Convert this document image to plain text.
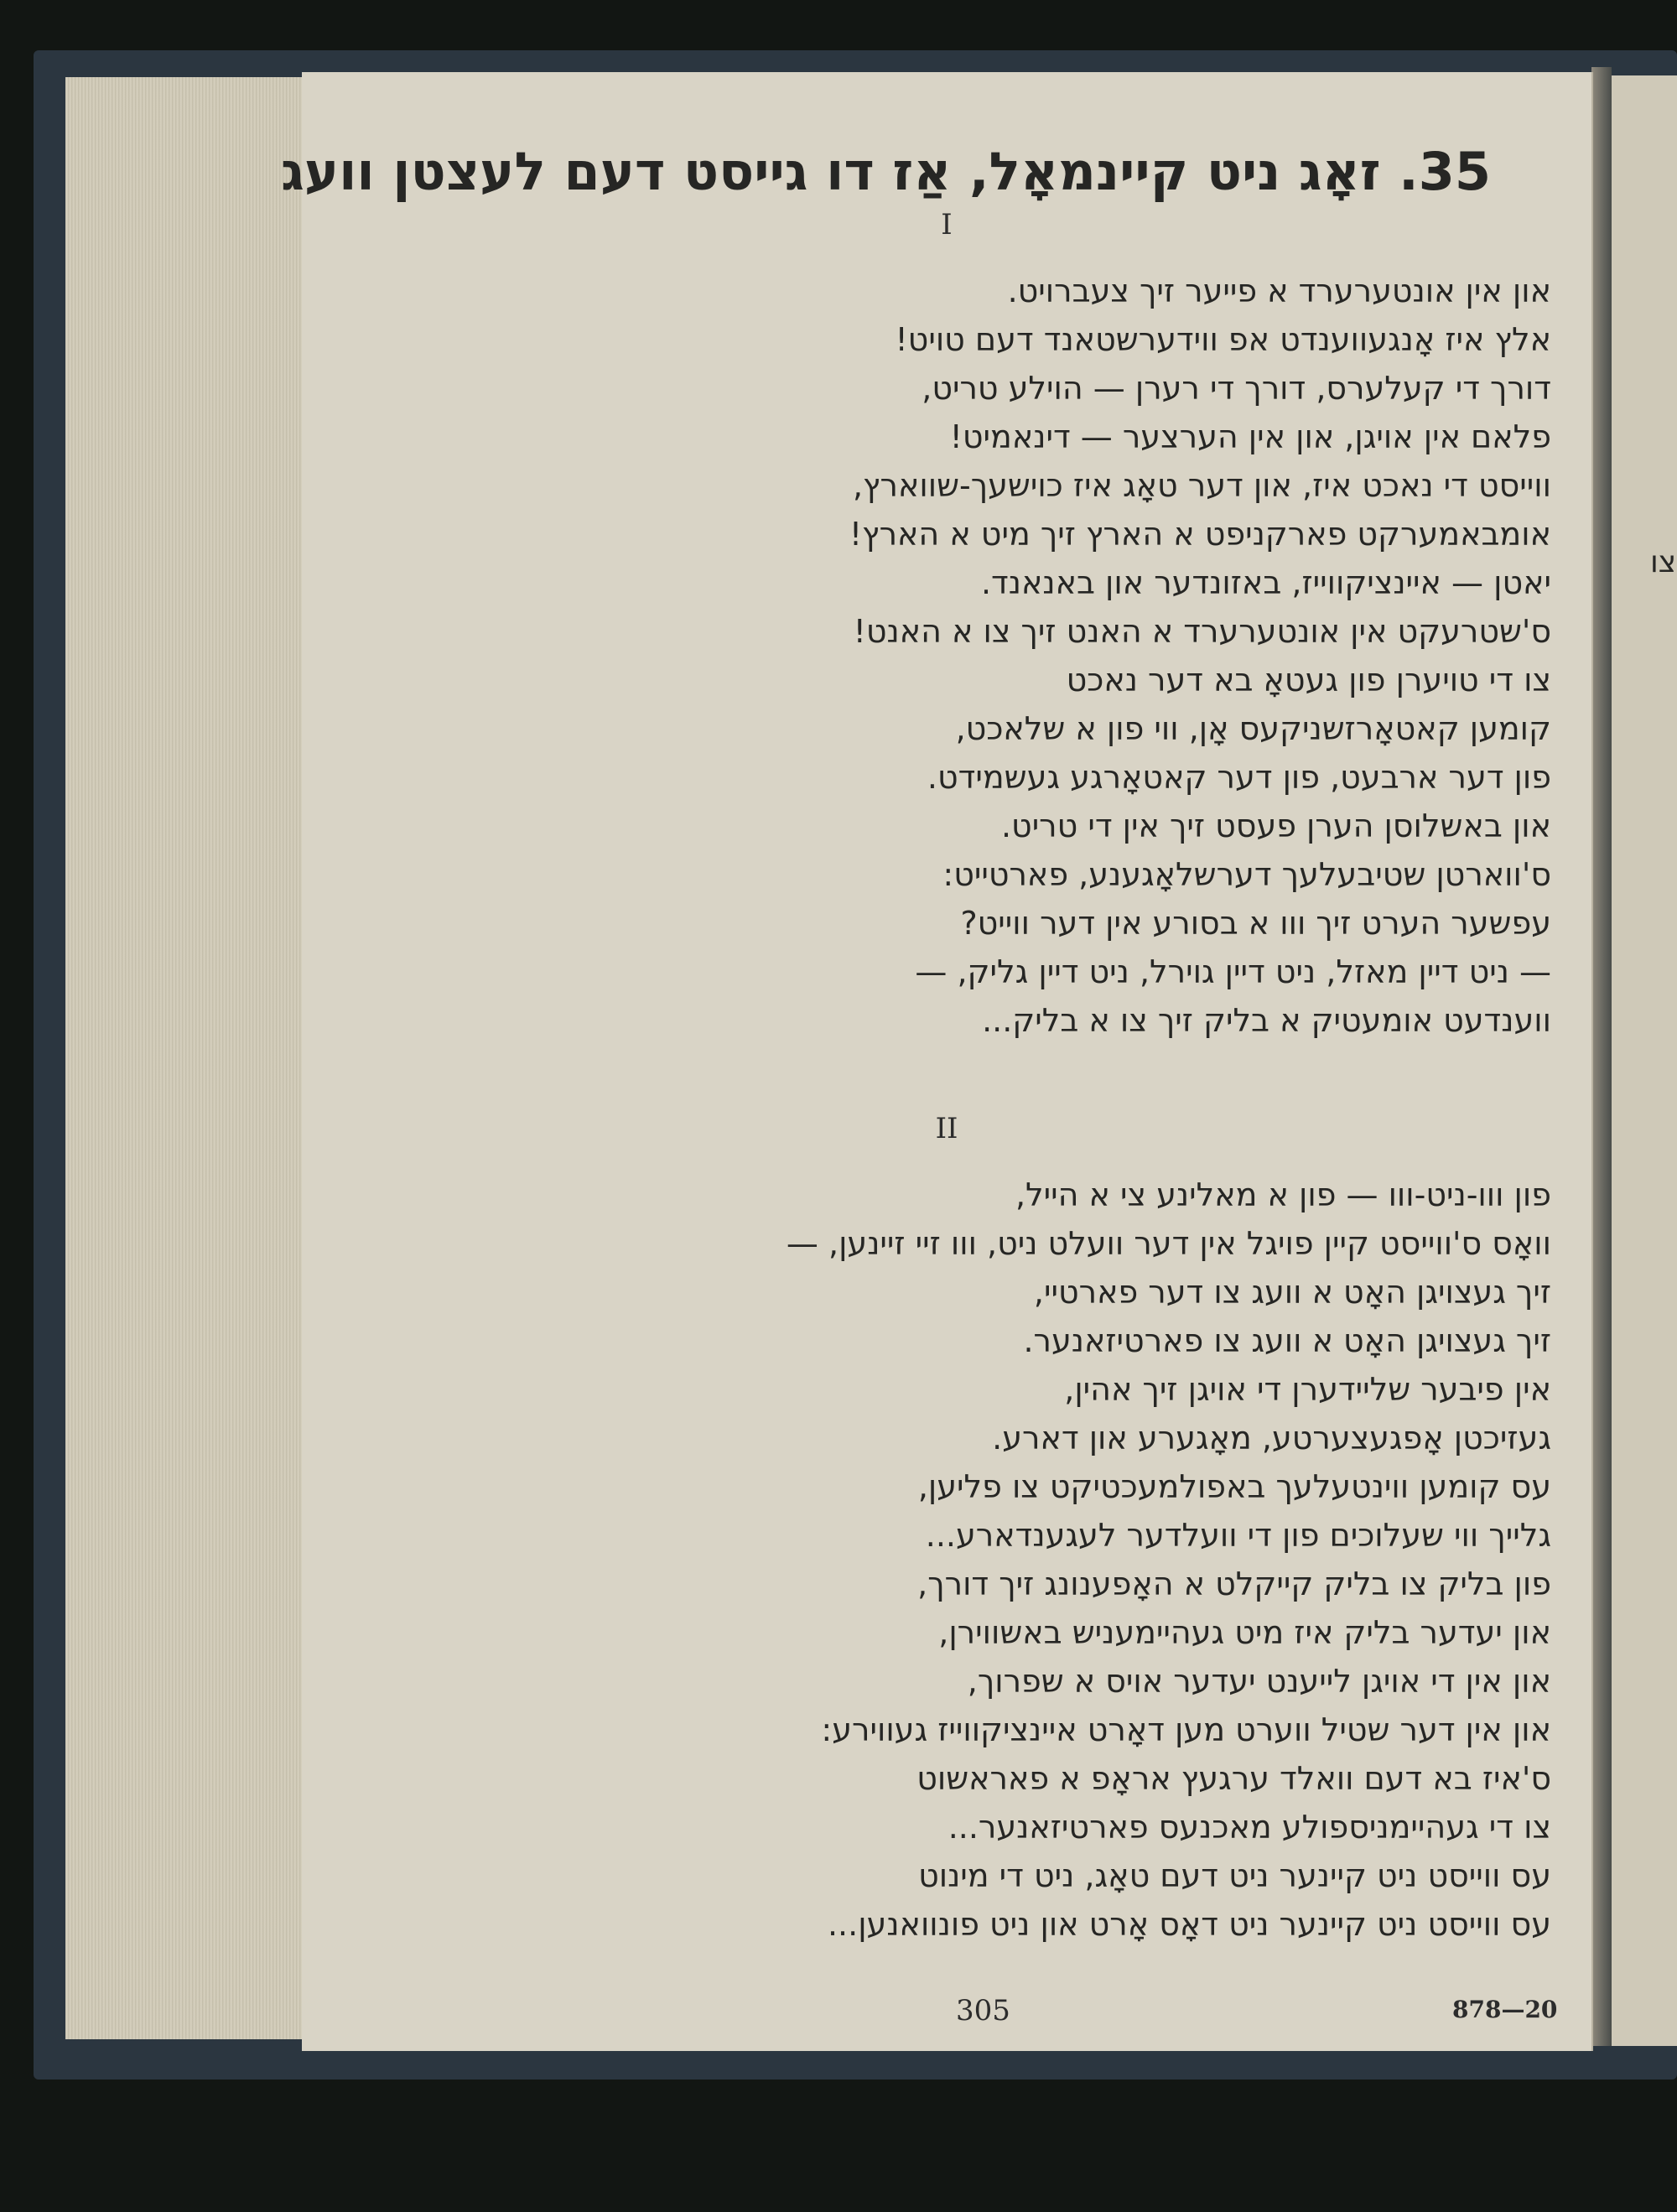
צו
35. זאָג ניט קיינמאָל, אַז דו גייסט דעם לעצטן וועג
I
און אין אונטערערד א פייער זיך צעברויט.
אלץ איז אָנגעווענדט אפ ווידערשטאנד דעם טויט!
דורך די קעלערס, דורך די רערן — הוילע טריט,
פלאם אין אויגן, און אין הערצער — דינאמיט!
ווייסט די נאכט איז, און דער טאָג איז כוישעך-שווארץ,
אומבאמערקט פארקניפט א הארץ זיך מיט א הארץ!
יאטן — איינציקווייז, באזונדער און באנאנד.
ס'שטרעקט אין אונטערערד א האנט זיך צו א האנט!
צו די טויערן פון געטאָ בא דער נאכט
קומען קאטאָרזשניקעס אָן, ווי פון א שלאכט,
פון דער ארבעט, פון דער קאטאָרגע געשמידט.
און באשלוסן הערן פעסט זיך אין די טריט.
ס'ווארטן שטיבעלעך דערשלאָגענע, פארטייט:
עפשער הערט זיך ווו א בסורע אין דער ווייט?
— ניט דיין מאזל, ניט דיין גוירל, ניט דיין גליק, —
ווענדעט אומעטיק א בליק זיך צו א בליק...
II
פון ווו-ניט-ווו — פון א מאלינע צי א הייל,
וואָס ס'ווייסט קיין פויגל אין דער וועלט ניט, ווו זיי זיינען, —
זיך געצויגן האָט א וועג צו דער פארטיי,
זיך געצויגן האָט א וועג צו פארטיזאנער.
אין פיבער שליידערן די אויגן זיך אהין,
געזיכטן אָפגעצערטע, מאָגערע און דארע.
עס קומען ווינטעלעך באפולמעכטיקט צו פליען,
גלייך ווי שעלוכים פון די וועלדער לעגענדארע...
פון בליק צו בליק קייקלט א האָפענונג זיך דורך,
און יעדער בליק איז מיט געהיימעניש באשווירן,
און אין די אויגן לייענט יעדער אויס א שפרוך,
און אין דער שטיל ווערט מען דאָרט איינציקווייז געווירע:
ס'איז בא דעם וואלד ערגעץ אראָפ א פאראשוט
צו די געהיימניספולע מאכנעס פארטיזאנער...
עס ווייסט ניט קיינער ניט דעם טאָג, ניט די מינוט
עס ווייסט ניט קיינער ניט דאָס אָרט און ניט פונוואנען...
305	878—20
